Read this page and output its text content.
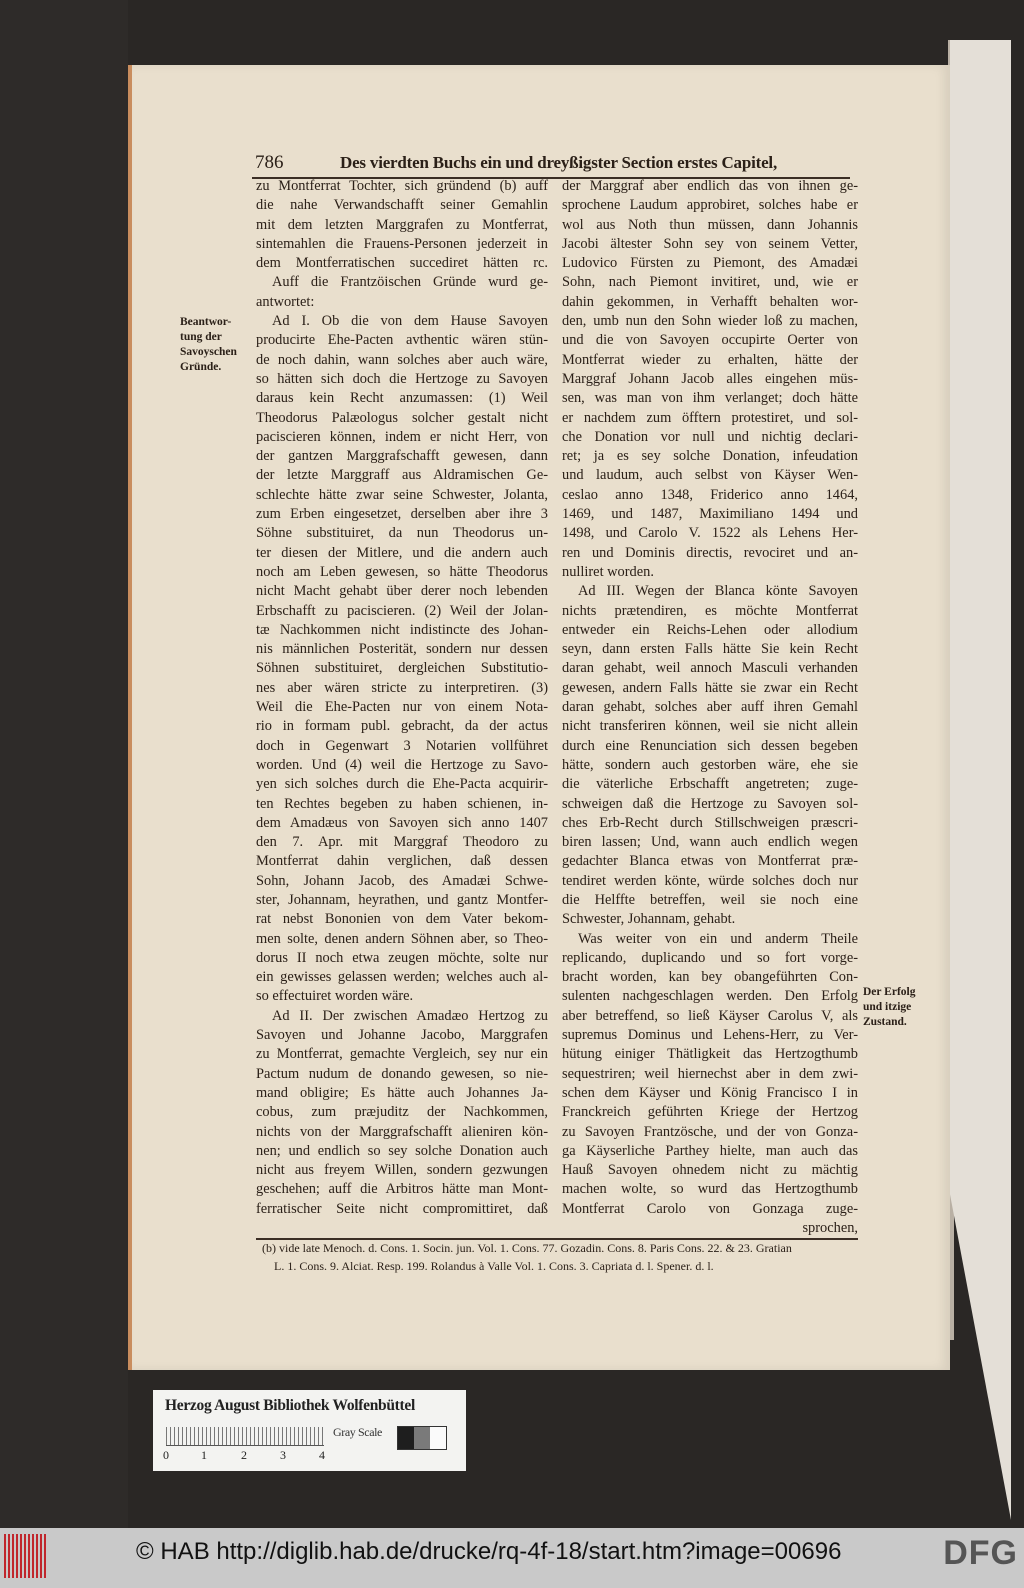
786	Des vierdten Buchs ein und dreyßigster Section erstes Capitel,
Beantwor-
tung der
Savoyschen
Gründe.
Der Erfolg
und itzige
Zustand.
zu Montferrat Tochter, sich gründend (b) auff
die nahe Verwandschafft seiner Gemahlin
mit dem letzten Marggrafen zu Montferrat,
sintemahlen die Frauens-Personen jederzeit in
dem Montferratischen succediret hätten rc.
Auff die Frantzöischen Gründe wurd ge-
antwortet:
Ad I. Ob die von dem Hause Savoyen
producirte Ehe-Pacten avthentic wären stün-
de noch dahin, wann solches aber auch wäre,
so hätten sich doch die Hertzoge zu Savoyen
daraus kein Recht anzumassen: (1) Weil
Theodorus Palæologus solcher gestalt nicht
paciscieren können, indem er nicht Herr, von
der gantzen Marggrafschafft gewesen, dann
der letzte Marggraff aus Aldramischen Ge-
schlechte hätte zwar seine Schwester, Jolanta,
zum Erben eingesetzet, derselben aber ihre 3
Söhne substituiret, da nun Theodorus un-
ter diesen der Mitlere, und die andern auch
noch am Leben gewesen, so hätte Theodorus
nicht Macht gehabt über derer noch lebenden
Erbschafft zu paciscieren. (2) Weil der Jolan-
tæ Nachkommen nicht indistincte des Johan-
nis männlichen Posterität, sondern nur dessen
Söhnen substituiret, dergleichen Substitutio-
nes aber wären stricte zu interpretiren. (3)
Weil die Ehe-Pacten nur von einem Nota-
rio in formam publ. gebracht, da der actus
doch in Gegenwart 3 Notarien vollführet
worden. Und (4) weil die Hertzoge zu Savo-
yen sich solches durch die Ehe-Pacta acquirir-
ten Rechtes begeben zu haben schienen, in-
dem Amadæus von Savoyen sich anno 1407
den 7. Apr. mit Marggraf Theodoro zu
Montferrat dahin verglichen, daß dessen
Sohn, Johann Jacob, des Amadæi Schwe-
ster, Johannam, heyrathen, und gantz Montfer-
rat nebst Bononien von dem Vater bekom-
men solte, denen andern Söhnen aber, so Theo-
dorus II noch etwa zeugen möchte, solte nur
ein gewisses gelassen werden; welches auch al-
so effectuiret worden wäre.
Ad II. Der zwischen Amadæo Hertzog zu
Savoyen und Johanne Jacobo, Marggrafen
zu Montferrat, gemachte Vergleich, sey nur ein
Pactum nudum de donando gewesen, so nie-
mand obligire; Es hätte auch Johannes Ja-
cobus, zum præjuditz der Nachkommen,
nichts von der Marggrafschafft alieniren kön-
nen; und endlich so sey solche Donation auch
nicht aus freyem Willen, sondern gezwungen
geschehen; auff die Arbitros hätte man Mont-
ferratischer Seite nicht compromittiret, daß
der Marggraf aber endlich das von ihnen ge-
sprochene Laudum approbiret, solches habe er
wol aus Noth thun müssen, dann Johannis
Jacobi ältester Sohn sey von seinem Vetter,
Ludovico Fürsten zu Piemont, des Amadæi
Sohn, nach Piemont invitiret, und, wie er
dahin gekommen, in Verhafft behalten wor-
den, umb nun den Sohn wieder loß zu machen,
und die von Savoyen occupirte Oerter von
Montferrat wieder zu erhalten, hätte der
Marggraf Johann Jacob alles eingehen müs-
sen, was man von ihm verlanget; doch hätte
er nachdem zum öfftern protestiret, und sol-
che Donation vor null und nichtig declari-
ret; ja es sey solche Donation, infeudation
und laudum, auch selbst von Käyser Wen-
ceslao anno 1348, Friderico anno 1464,
1469, und 1487, Maximiliano 1494 und
1498, und Carolo V. 1522 als Lehens Her-
ren und Dominis directis, revociret und an-
nulliret worden.
Ad III. Wegen der Blanca könte Savoyen
nichts prætendiren, es möchte Montferrat
entweder ein Reichs-Lehen oder allodium
seyn, dann ersten Falls hätte Sie kein Recht
daran gehabt, weil annoch Masculi verhanden
gewesen, andern Falls hätte sie zwar ein Recht
daran gehabt, solches aber auff ihren Gemahl
nicht transferiren können, weil sie nicht allein
durch eine Renunciation sich dessen begeben
hätte, sondern auch gestorben wäre, ehe sie
die väterliche Erbschafft angetreten; zuge-
schweigen daß die Hertzoge zu Savoyen sol-
ches Erb-Recht durch Stillschweigen præscri-
biren lassen; Und, wann auch endlich wegen
gedachter Blanca etwas von Montferrat præ-
tendiret werden könte, würde solches doch nur
die Helffte betreffen, weil sie noch eine
Schwester, Johannam, gehabt.
Was weiter von ein und anderm Theile
replicando, duplicando und so fort vorge-
bracht worden, kan bey obangeführten Con-
sulenten nachgeschlagen werden. Den Erfolg
aber betreffend, so ließ Käyser Carolus V, als
supremus Dominus und Lehens-Herr, zu Ver-
hütung einiger Thätligkeit das Hertzogthumb
sequestriren; weil hiernechst aber in dem zwi-
schen dem Käyser und König Francisco I in
Franckreich geführten Kriege der Hertzog
zu Savoyen Frantzösche, und der von Gonza-
ga Käyserliche Parthey hielte, man auch das
Hauß Savoyen ohnedem nicht zu mächtig
machen wolte, so wurd das Hertzogthumb
Montferrat Carolo von Gonzaga zuge-
sprochen,
(b) vide late Menoch. d. Cons. 1. Socin. jun. Vol. 1. Cons. 77. Gozadin. Cons. 8. Paris Cons. 22. & 23. Gratian
L. 1. Cons. 9. Alciat. Resp. 199. Rolandus à Valle Vol. 1. Cons. 3. Capriata d. l. Spener. d. l.
Herzog August Bibliothek Wolfenbüttel
0	1	2	3	4
Gray Scale
© HAB http://diglib.hab.de/drucke/rq-4f-18/start.htm?image=00696	DFG
